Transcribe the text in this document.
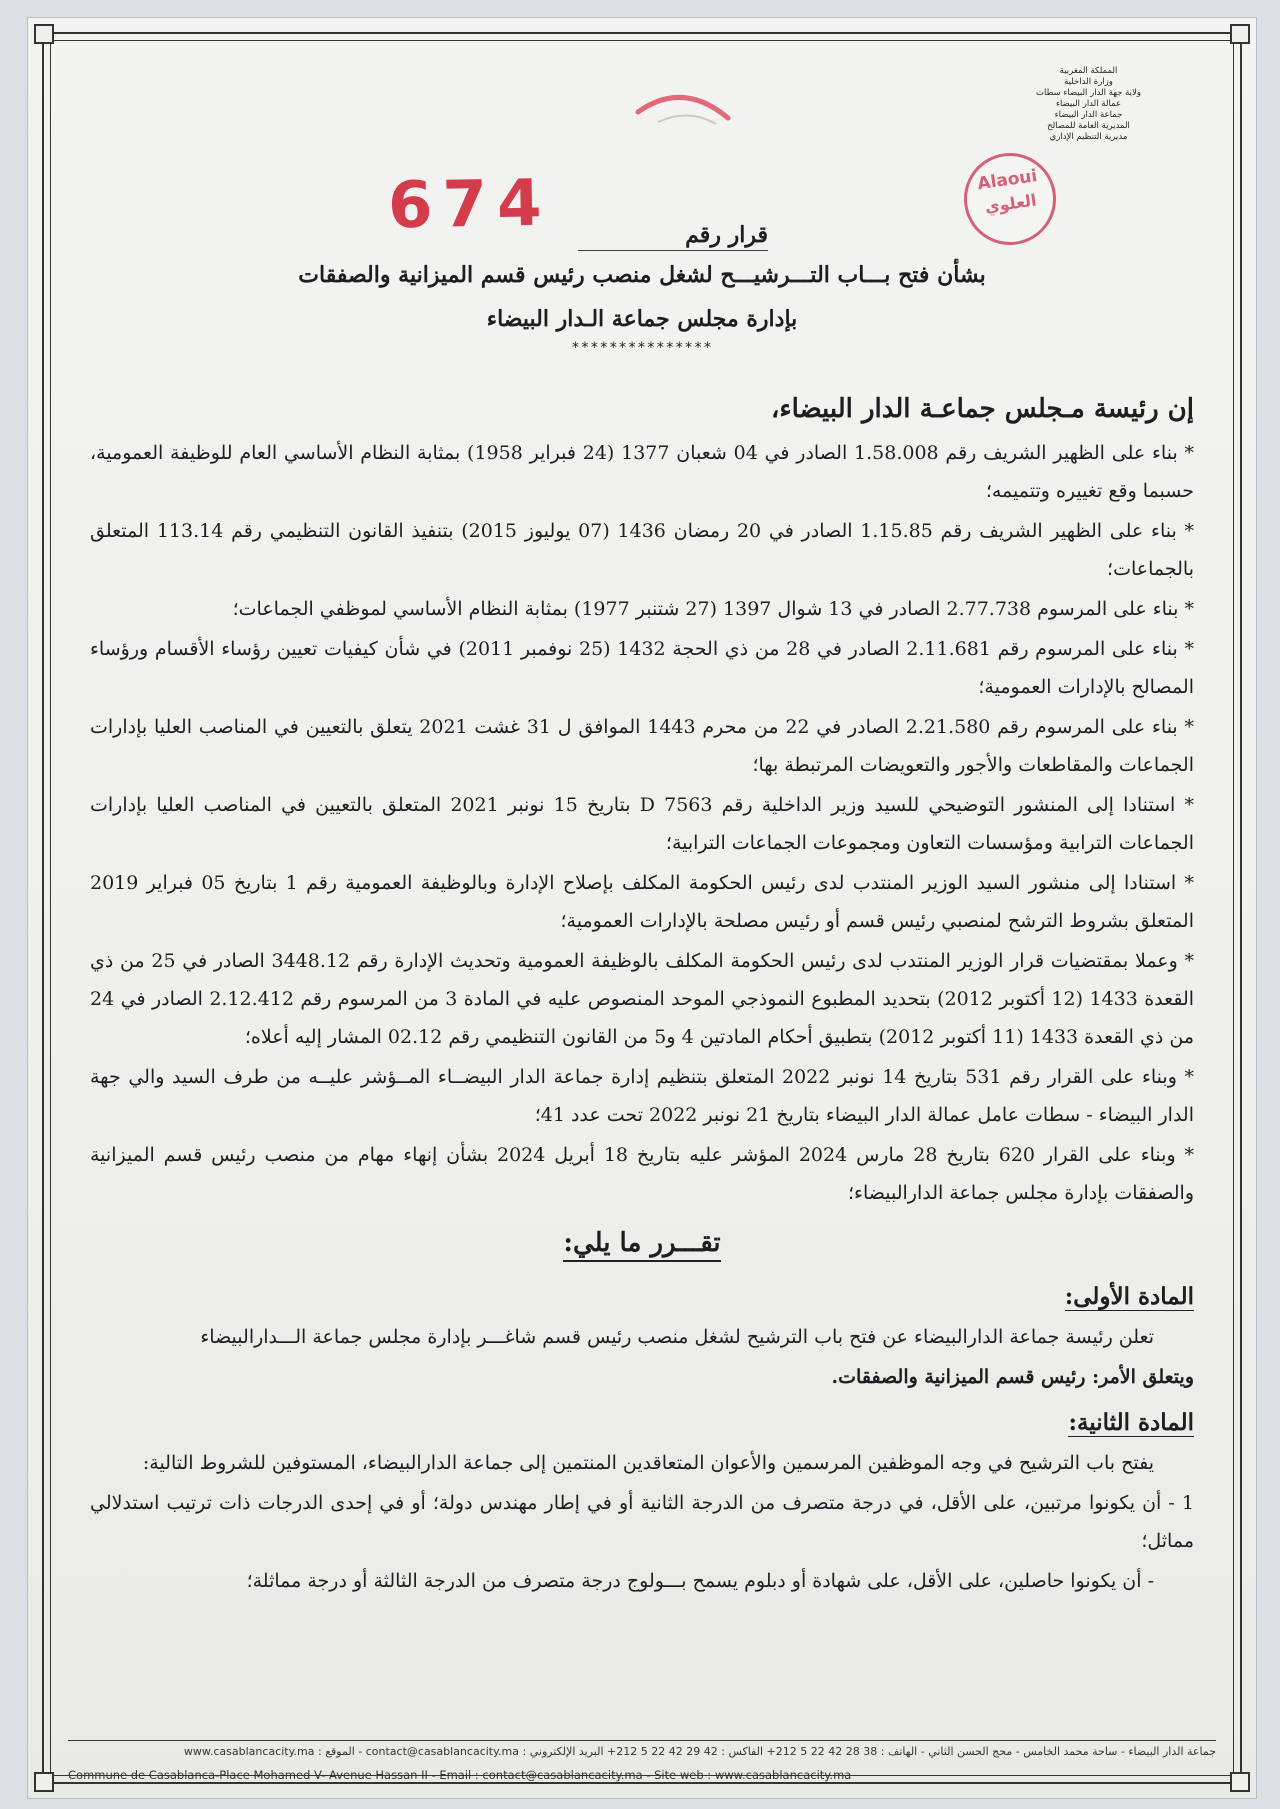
المملكة المغربية
وزارة الداخلية
ولاية جهة الدار البيضاء سطات
عمالة الدار البيضاء
جماعة الدار البيضاء
المديرية العامة للمصالح
مديرية التنظيم الإداري
Alaoui
العلوي
674	قرار رقم
بشأن فتح بـــاب التـــرشيـــح لشغل منصب رئيس قسم الميزانية والصفقات
بإدارة مجلس جماعة الـدار البيضاء
***************
إن رئيسة مـجلس جماعـة الدار البيضاء،

* بناء على الظهير الشريف رقم 1.58.008 الصادر في 04 شعبان 1377 (24 فبراير 1958) بمثابة النظام الأساسي العام للوظيفة العمومية، حسبما وقع تغييره وتتميمه؛

* بناء على الظهير الشريف رقم 1.15.85 الصادر في 20 رمضان 1436 (07 يوليوز 2015) بتنفيذ القانون التنظيمي رقم 113.14 المتعلق بالجماعات؛

* بناء على المرسوم 2.77.738 الصادر في 13 شوال 1397 (27 شتنبر 1977) بمثابة النظام الأساسي لموظفي الجماعات؛

* بناء على المرسوم رقم 2.11.681 الصادر في 28 من ذي الحجة 1432 (25 نوفمبر 2011) في شأن كيفيات تعيين رؤساء الأقسام ورؤساء المصالح بالإدارات العمومية؛

* بناء على المرسوم رقم 2.21.580 الصادر في 22 من محرم 1443 الموافق ل 31 غشت 2021 يتعلق بالتعيين في المناصب العليا بإدارات الجماعات والمقاطعات والأجور والتعويضات المرتبطة بها؛

* استنادا إلى المنشور التوضيحي للسيد وزير الداخلية رقم D 7563 بتاريخ 15 نونبر 2021 المتعلق بالتعيين في المناصب العليا بإدارات الجماعات الترابية ومؤسسات التعاون ومجموعات الجماعات الترابية؛

* استنادا إلى منشور السيد الوزير المنتدب لدى رئيس الحكومة المكلف بإصلاح الإدارة وبالوظيفة العمومية رقم 1 بتاريخ 05 فبراير 2019 المتعلق بشروط الترشح لمنصبي رئيس قسم أو رئيس مصلحة بالإدارات العمومية؛

* وعملا بمقتضيات قرار الوزير المنتدب لدى رئيس الحكومة المكلف بالوظيفة العمومية وتحديث الإدارة رقم 3448.12 الصادر في 25 من ذي القعدة 1433 (12 أكتوبر 2012) بتحديد المطبوع النموذجي الموحد المنصوص عليه في المادة 3 من المرسوم رقم 2.12.412 الصادر في 24 من ذي القعدة 1433 (11 أكتوبر 2012) بتطبيق أحكام المادتين 4 و5 من القانون التنظيمي رقم 02.12 المشار إليه أعلاه؛

* وبناء على القرار رقم 531 بتاريخ 14 نونبر 2022 المتعلق بتنظيم إدارة جماعة الدار البيضــاء المــؤشر عليــه من طرف السيد والي جهة الدار البيضاء - سطات عامل عمالة الدار البيضاء بتاريخ 21 نونبر 2022 تحت عدد 41؛

* وبناء على القرار 620 بتاريخ 28 مارس 2024 المؤشر عليه بتاريخ 18 أبريل 2024 بشأن إنهاء مهام من منصب رئيس قسم الميزانية والصفقات بإدارة مجلس جماعة الدارالبيضاء؛

تقـــرر ما يلي:
المادة الأولى:

تعلن رئيسة جماعة الدارالبيضاء عن فتح باب الترشيح لشغل منصب رئيس قسم شاغـــر بإدارة مجلس جماعة الـــدارالبيضاء

ويتعلق الأمر: رئيس قسم الميزانية والصفقات.

المادة الثانية:

يفتح باب الترشيح في وجه الموظفين المرسمين والأعوان المتعاقدين المنتمين إلى جماعة الدارالبيضاء، المستوفين للشروط التالية:

1 - أن يكونوا مرتبين، على الأقل، في درجة متصرف من الدرجة الثانية أو في إطار مهندس دولة؛ أو في إحدى الدرجات ذات ترتيب استدلالي مماثل؛

- أن يكونوا حاصلين، على الأقل، على شهادة أو دبلوم يسمح بـــولوج درجة متصرف من الدرجة الثالثة أو درجة مماثلة؛

جماعة الدار البيضاء - ساحة محمد الخامس - محج الحسن الثاني - الهاتف : 38 28 42 22 5 212+ الفاكس : 42 29 42 22 5 212+ البريد الإلكتروني : contact@casablancacity.ma - الموقع : www.casablancacity.ma
Commune de Casablanca-Place Mohamed V- Avenue Hassan II - Email : contact@casablancacity.ma - Site web : www.casablancacity.ma
